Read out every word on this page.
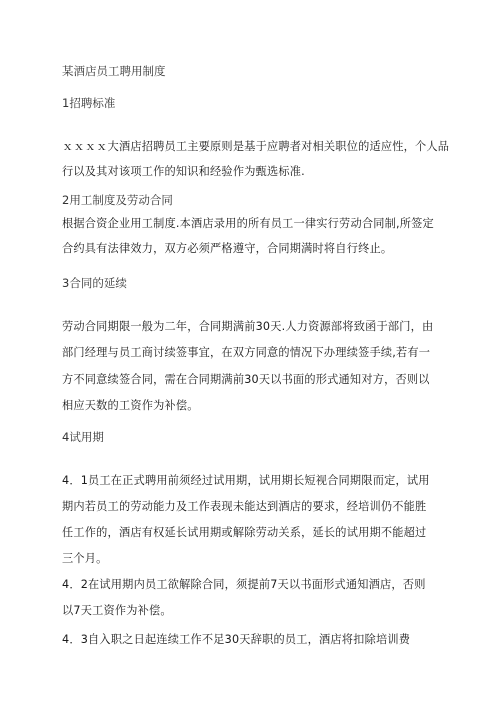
某酒店员工聘用制度
1招聘标准
ｘｘｘｘ大酒店招聘员工主要原则是基于应聘者对相关职位的适应性，个人品
行以及其对该项工作的知识和经验作为甄选标准.
2用工制度及劳动合同
根据合资企业用工制度.本酒店录用的所有员工一律实行劳动合同制,所签定
合约具有法律效力，双方必须严格遵守，合同期满时将自行终止。
3合同的延续
劳动合同期限一般为二年，合同期满前30天.人力资源部将致函于部门，由
部门经理与员工商讨续签事宜，在双方同意的情况下办理续签手续,若有一
方不同意续签合同，需在合同期满前30天以书面的形式通知对方，否则以
相应天数的工资作为补偿。
4试用期
4．1员工在正式聘用前须经过试用期，试用期长短视合同期限而定，试用
期内若员工的劳动能力及工作表现未能达到酒店的要求，经培训仍不能胜
任工作的，酒店有权延长试用期或解除劳动关系，延长的试用期不能超过
三个月。
4．2在试用期内员工欲解除合同，须提前7天以书面形式通知酒店，否则
以7天工资作为补偿。
4．3自入职之日起连续工作不足30天辞职的员工，酒店将扣除培训费
